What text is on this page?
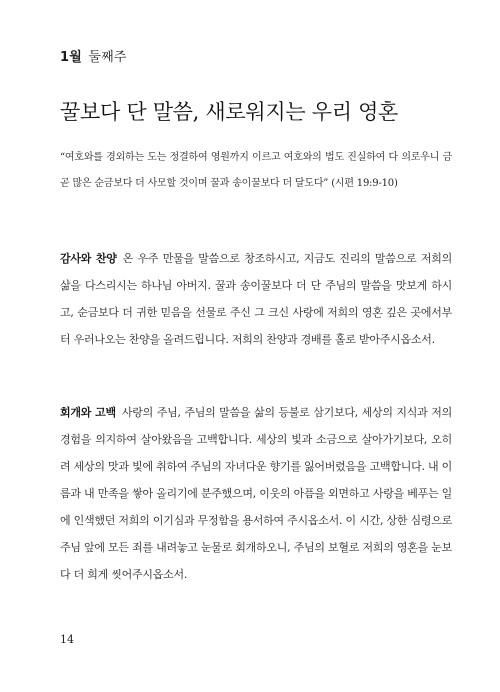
1월 둘째주
꿀보다 단 말씀, 새로워지는 우리 영혼
“여호와를 경외하는 도는 정결하여 영원까지 이르고 여호와의 법도 진실하여 다 의로우니 금 곧 많은 순금보다 더 사모할 것이며 꿀과 송이꿀보다 더 달도다” (시편 19:9-10)
감사와 찬양 온 우주 만물을 말씀으로 창조하시고, 지금도 진리의 말씀으로 저희의 삶을 다스리시는 하나님 아버지. 꿀과 송이꿀보다 더 단 주님의 말씀을 맛보게 하시고, 순금보다 더 귀한 믿음을 선물로 주신 그 크신 사랑에 저희의 영혼 깊은 곳에서부터 우러나오는 찬양을 올려드립니다. 저희의 찬양과 경배를 홀로 받아주시옵소서.
회개와 고백 사랑의 주님, 주님의 말씀을 삶의 등불로 삼기보다, 세상의 지식과 저의 경험을 의지하여 살아왔음을 고백합니다. 세상의 빛과 소금으로 살아가기보다, 오히려 세상의 맛과 빛에 취하여 주님의 자녀다운 향기를 잃어버렸음을 고백합니다. 내 이름과 내 만족을 쌓아 올리기에 분주했으며, 이웃의 아픔을 외면하고 사랑을 베푸는 일에 인색했던 저희의 이기심과 무정함을 용서하여 주시옵소서. 이 시간, 상한 심령으로 주님 앞에 모든 죄를 내려놓고 눈물로 회개하오니, 주님의 보혈로 저희의 영혼을 눈보다 더 희게 씻어주시옵소서.
14
